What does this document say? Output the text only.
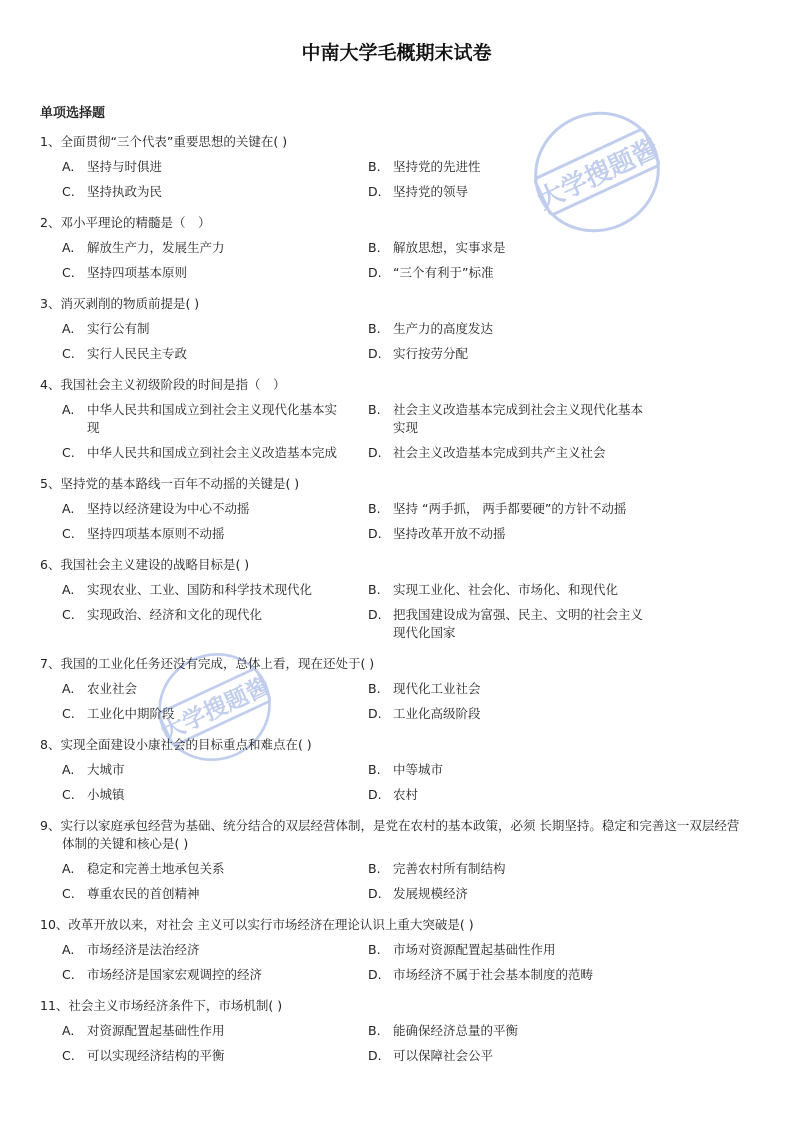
中南大学毛概期末试卷
单项选择题
1、全面贯彻“三个代表”重要思想的关键在( )
A.	坚持与时俱进	B. 坚持党的先进性
C. 坚持执政为民	D. 坚持党的领导
2、邓小平理论的精髓是（　）
A.	解放生产力，发展生产力	B. 解放思想，实事求是
C. 坚持四项基本原则	D. “三个有利于”标准
3、消灭剥削的物质前提是( )
A.	实行公有制	B. 生产力的高度发达
C. 实行人民民主专政	D. 实行按劳分配
4、我国社会主义初级阶段的时间是指（　）
A.	中华人民共和国成立到社会主义现代化基本实现
B. 社会主义改造基本完成到社会主义现代化基本实现
C. 中华人民共和国成立到社会主义改造基本完成	D. 社会主义改造基本完成到共产主义社会
5、坚持党的基本路线一百年不动摇的关键是( )
A.	坚持以经济建设为中心不动摇	B. 坚持 “两手抓， 两手都要硬”的方针不动摇
C. 坚持四项基本原则不动摇	D. 坚持改革开放不动摇
6、我国社会主义建设的战略目标是( )
A.	实现农业、工业、国防和科学技术现代化	B. 实现工业化、社会化、市场化、和现代化
C. 实现政治、经济和文化的现代化	D. 把我国建设成为富强、民主、文明的社会主义现代化国家
7、我国的工业化任务还没有完成，总体上看，现在还处于( )
A.	农业社会	B. 现代化工业社会
C. 工业化中期阶段	D. 工业化高级阶段
8、实现全面建设小康社会的目标重点和难点在( )
A.	大城市	B. 中等城市
C. 小城镇	D. 农村
9、实行以家庭承包经营为基础、统分结合的双层经营体制，是党在农村的基本政策，必须 长期坚持。稳定和完善这一双层经营体制的关键和核心是( )
A.	稳定和完善土地承包关系	B. 完善农村所有制结构
C. 尊重农民的首创精神	D. 发展规模经济
10、改革开放以来，对社会 主义可以实行市场经济在理论认识上重大突破是( )
A.	市场经济是法治经济	B. 市场对资源配置起基础性作用
C. 市场经济是国家宏观调控的经济	D. 市场经济不属于社会基本制度的范畴
11、社会主义市场经济条件下，市场机制( )
A.	对资源配置起基础性作用	B. 能确保经济总量的平衡
C. 可以实现经济结构的平衡	D. 可以保障社会公平
大学搜题酱
大学搜题酱
